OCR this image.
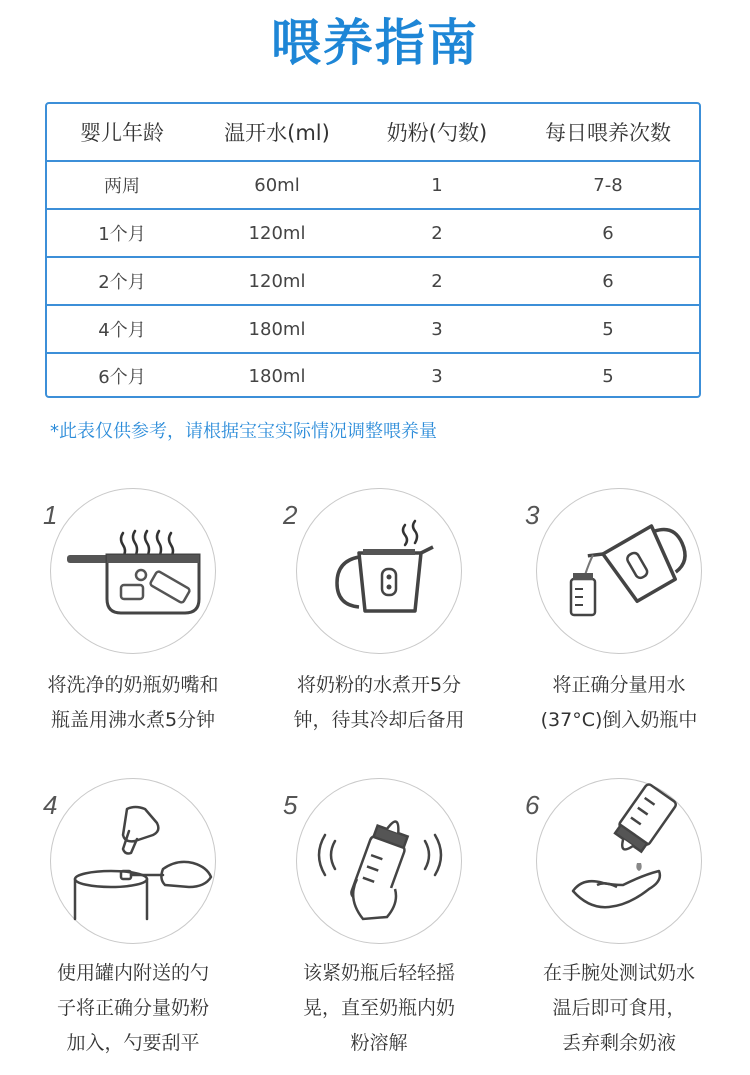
喂养指南
婴儿年龄	温开水(ml)	奶粉(勺数)	每日喂养次数
两周	60ml	1	7-8
1个月	120ml	2	6
2个月	120ml	2	6
4个月	180ml	3	5
6个月	180ml	3	5
*此表仅供参考，请根据宝宝实际情况调整喂养量
1
将洗净的奶瓶奶嘴和
瓶盖用沸水煮5分钟
2
将奶粉的水煮开5分
钟，待其冷却后备用
3
将正确分量用水
(37°C)倒入奶瓶中
4
使用罐内附送的勺
子将正确分量奶粉
加入，勺要刮平
5
该紧奶瓶后轻轻摇
晃，直至奶瓶内奶
粉溶解
6
在手腕处测试奶水
温后即可食用，
丢弃剩余奶液
